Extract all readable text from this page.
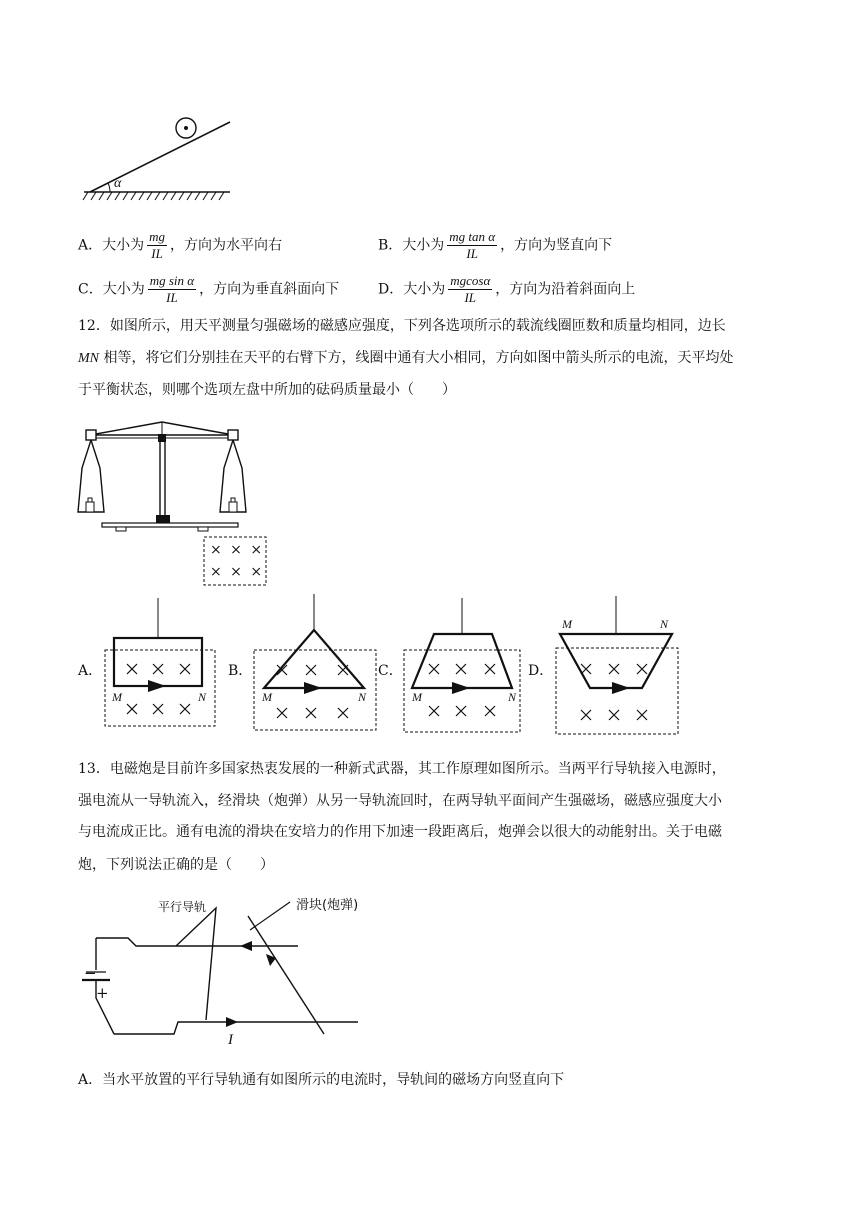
α
A．大小为 $\frac{mg}{IL}$ ，方向为水平向右	B．大小为 $\frac{\text{mg tan α}}{IL}$ ，方向为竖直向下
C．大小为 $\frac{\text{mg sin α}}{IL}$ ，方向为垂直斜面向下	D．大小为 $\frac{mgcos\alpha}{IL}$ ，方向为沿着斜面向上
12．如图所示，用天平测量匀强磁场的磁感应强度，下列各选项所示的载流线圈匝数和质量均相同，边长
MN 相等，将它们分别挂在天平的右臂下方，线圈中通有大小相同，方向如图中箭头所示的电流，天平均处
于平衡状态，则哪个选项左盘中所加的砝码质量最小（　　）
× × ×
× × ×
A．
M	N
B．
M	N
C．
M	N
D．
M	N
13．电磁炮是目前许多国家热衷发展的一种新式武器，其工作原理如图所示。当两平行导轨接入电源时，
强电流从一导轨流入，经滑块（炮弹）从另一导轨流回时，在两导轨平面间产生强磁场，磁感应强度大小
与电流成正比。通有电流的滑块在安培力的作用下加速一段距离后，炮弹会以很大的动能射出。关于电磁
炮，下列说法正确的是（　　）
平行导轨	滑块(炮弹)
I
−
+
A．当水平放置的平行导轨通有如图所示的电流时，导轨间的磁场方向竖直向下
